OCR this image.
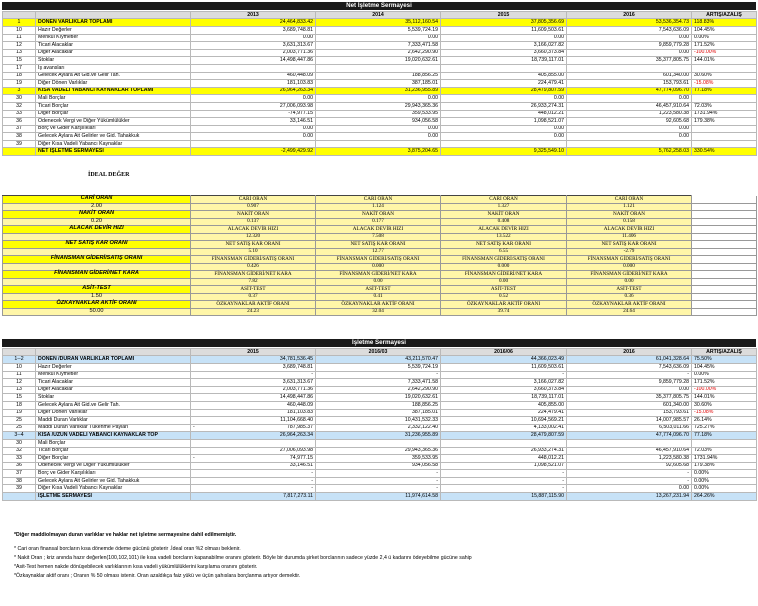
Net İşletme Sermayesi
		2013	2014	2015	2016	ARTIŞ/AZALIŞ
1	DÖNEN VARLIKLAR TOPLAMI	24,464,833.42	35,112,160.54	37,805,356.69	53,536,354.73	118.83%
10	Hazır Değerler	3,689,748.81	5,539,724.19	11,609,503.61	7,543,636.09	104.45%
11	Menkul Kıymetler	0.00	0.00	0.00	0.00	0.00%
12	Ticari Alacaklar	3,631,313.67	7,333,471.58	3,166,027.82	9,859,779.28	171.52%
13	Diğer Alacaklar	2,003,771.36	2,642,290.90	3,660,373.84	0.00	-100.00%
15	Stoklar	14,498,447.86	19,020,632.61	18,739,117.01	35,377,805.75	144.01%
17	İş avansları					
18	Gelecek Aylara Ait Gid.ve Gelir Tah.	460,448.09	188,856.25	405,855.00	601,340.00	30.60%
19	Diğer Dönen Varlıklar	181,103.83	387,185.01	224,479.41	153,793.61	-15.08%
3	KISA VADELİ YABANCI KAYNAKLAR TOPLAMI	26,964,263.34	31,236,955.89	28,479,807.59	47,774,096.70	77.18%
30	Mali Borçlar	0.00	0.00	0.00	0.00	
32	Ticari Borçlar	27,006,093.98	29,943,365.36	26,933,274.31	46,457,910.64	72.03%
33	Diğer Borçlar	-74,977.15	359,533.95	448,012.21	1,223,580.38	1731.94%
36	Ödenecek Vergi ve Diğer Yükümlülükler	33,146.51	934,056.58	1,098,521.07	92,605.68	179.38%
37	Borç ve Gider Karşılıkları	0.00	0.00	0.00	0.00	
38	Gelecek Aylara Ait Gelirler ve Gid. Tahakkuk	0.00	0.00	0.00	0.00	
39	Diğer Kısa Vadeli Yabancı Kaynaklar					
	NET İŞLETME SERMAYESİ	-2,499,429.92	3,875,204.65	9,325,549.10	5,762,258.03	330.54%
İDEAL DEĞER
CARİ ORAN	CARİ ORAN	CARİ ORAN	CARİ ORAN	CARİ ORAN	
2.00	0.907	1.124	1.327	1.121	
NAKİT ORAN	NAKİT ORAN	NAKİT ORAN	NAKİT ORAN	NAKİT ORAN	
0.20	0.137	0.177	0.408	0.158	
ALACAK DEVİR HIZI	ALACAK DEVİR HIZI	ALACAK DEVİR HIZI	ALACAK DEVİR HIZI	ALACAK DEVİR HIZI	
	12.320	7.508	13.522	11.406	
NET SATIŞ KAR ORANI	NET SATIŞ KAR ORANI	NET SATIŞ KAR ORANI	NET SATIŞ KAR ORANI	NET SATIŞ KAR ORANI	
	5.10	12.77	6.55	-2.79	
FİNANSMAN GİDERİ/SATIŞ ORANI	FİNANSMAN GİDERİ/SATIŞ ORANI	FİNANSMAN GİDERİ/SATIŞ ORANI	FİNANSMAN GİDERİ/SATIŞ ORANI	FİNANSMAN GİDERİ/SATIŞ ORANI	
	0.426	0.000	0.000	0.000	
FİNANSMAN GİDERİ/NET KARA	FİNANSMAN GİDERİ/NET KARA	FİNANSMAN GİDERİ/NET KARA	FİNANSMAN GİDERİ/NET KARA	FİNANSMAN GİDERİ/NET KARA	
	7.82	0.00	0.00	0.00	
ASİT-TEST	ASİT-TEST	ASİT-TEST	ASİT-TEST	ASİT-TEST	
1.50	0.37	0.41	0.52	0.36	
ÖZKAYNAKLAR AKTİF ORANI	ÖZKAYNAKLAR AKTİF ORANI	ÖZKAYNAKLAR AKTİF ORANI	ÖZKAYNAKLAR AKTİF ORANI	ÖZKAYNAKLAR AKTİF ORANI	
50.00	24.23	32.04	39.74	24.64	
İşletme Sermayesi
		2015	2016/03	2016/06	2016	ARTIŞ/AZALIŞ
1--2	DÖNEN /DURAN VARLIKLAR TOPLAMI	34,781,536.45	43,211,570.47	44,366,023.49	61,041,328.64	75.50%
10	Hazır Değerler	3,689,748.81	5,539,724.19	11,609,503.61	7,543,636.09	104.45%
11	Menkul Kıymetler	-	-	-	-	0.00%
12	Ticari Alacaklar	3,631,313.67	7,333,471.58	3,166,027.82	9,859,779.28	171.52%
13	Diğer Alacaklar	2,003,771.36	2,642,290.90	3,660,373.84	0.00	-100.00%
15	Stoklar	14,498,447.86	19,020,632.61	18,739,117.01	35,377,805.75	144.01%
18	Gelecek Aylara Ait Gid.ve Gelir Tah.	460,448.09	188,856.25	405,855.00	601,340.00	30.60%
19	Diğer Dönen Varlıklar	181,103.83	387,185.01	224,479.41	153,793.61	-15.08%
25	Maddi Duran Varlıklar	11,104,668.40	10,431,532.33	10,694,569.21	14,007,985.57	26.14%
25	Maddi Duran Varlıklar Tükenme Payları	- 787,985.37	2,332,122.40	4,133,002.41	6,503,011.66	725.27%
3--4	KISA /UZUN VADELİ YABANCI KAYNAKLAR TOP	26,964,263.34	31,236,955.89	28,479,807.59	47,774,096.70	77.18%
30	Mali Borçlar					
32	Ticari Borçlar	27,006,093.98	29,943,365.36	26,933,274.31	46,457,910.64	72.03%
33	Diğer Borçlar	- 74,977.15	359,533.95	448,012.21	1,223,580.38	1731.94%
36	Ödenecek Vergi ve Diğer Yükümlülükler	33,146.51	934,056.58	1,098,521.07	92,605.68	179.38%
37	Borç ve Gider Karşılıkları	-	-	-	-	0.00%
38	Gelecek Aylara Ait Gelirler ve Gid. Tahakkuk	-	-	-	-	0.00%
39	Diğer Kısa Vadeli Yabancı Kaynaklar	-	-	-	0.00	0.00%
	İŞLETME SERMAYESİ	7,817,273.11	11,974,614.58	15,887,115.90	13,267,231.94	264.26%
*Diğer maddiolmayan duran varlıklar ve haklar net işletme sermayesine dahil edilmemiştir.
* Cari oran finansal borcların kısa dönemde ödeme gücünü gösterir .İdeal oran %2 olması beklenir.
* Nakit Oran ; kriz anında hazır değerlen(100,102,101) ile kısa vadeli borcların kapanabilme oranını gösterir. Böyle bir durumda şirket borclarının sadece yüzde 2,4 ü kadarını ödeyebilme gücüne sahip
*Asit-Test hemen nakde dönüşebilecek varlıklarının kısa vadeli yükümlülüklerini karşılama oranını gösterir.
*Özkaynaklar aktif oranı ; Oranın % 50 olması istenir. Oran azaldıkça faiz yükü ve üçün şahıslara borçlanma artıyor demektir.
